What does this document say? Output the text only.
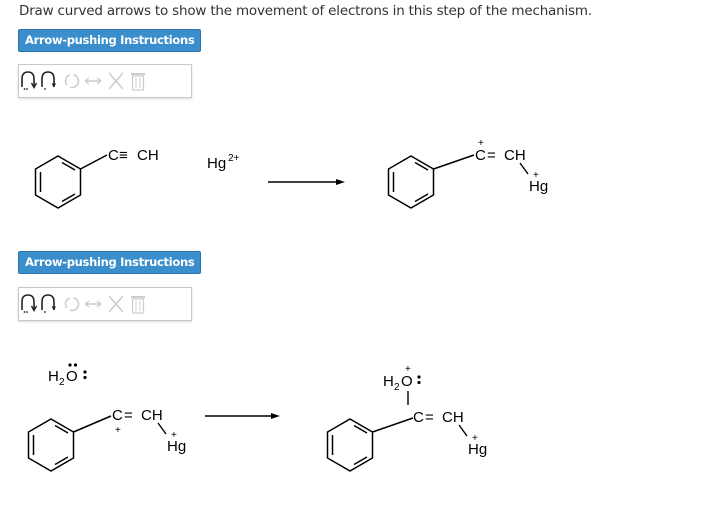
Draw curved arrows to show the movement of electrons in this step of the mechanism.
Arrow-pushing Instructions
Arrow-pushing Instructions
C ≡ CH	Hg 2+	C
+
= CH
Hg
+
H 2 O
C
+
= CH
Hg
+
H 2 O
+
C = CH
Hg
+
